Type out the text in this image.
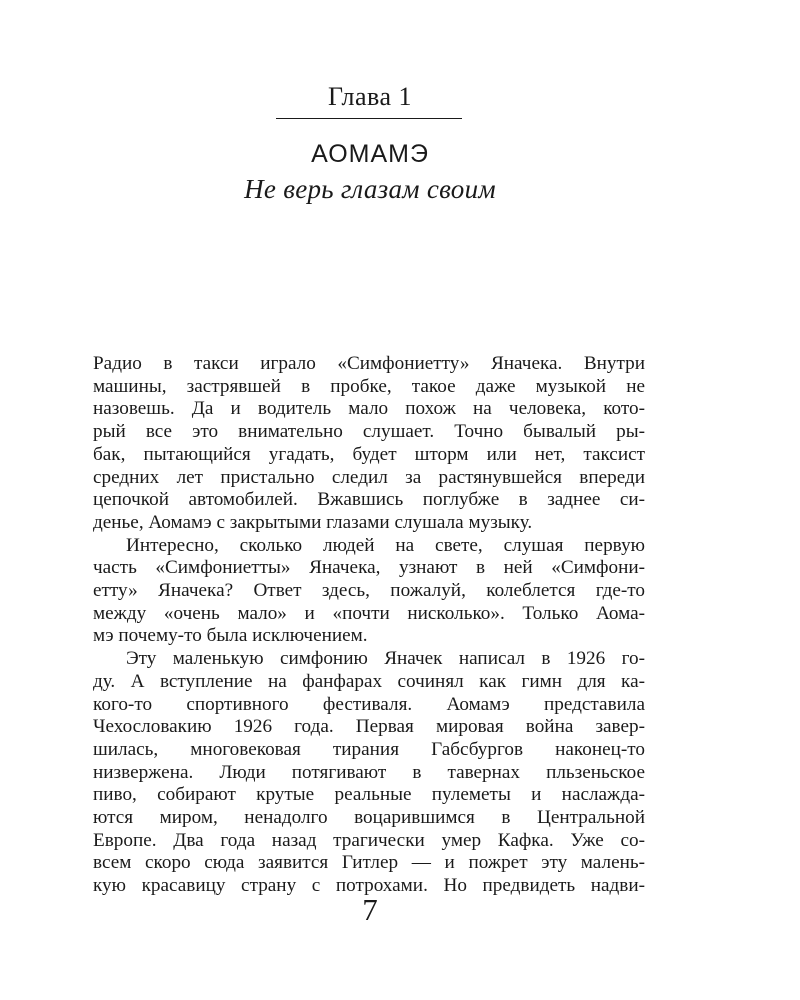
Глава 1
АОМАМЭ
Не верь глазам своим
Радио в такси играло «Симфониетту» Яначека. Внутри
машины, застрявшей в пробке, такое даже музыкой не
назовешь. Да и водитель мало похож на человека, кото-
рый все это внимательно слушает. Точно бывалый ры-
бак, пытающийся угадать, будет шторм или нет, таксист
средних лет пристально следил за растянувшейся впереди
цепочкой автомобилей. Вжавшись поглубже в заднее си-
денье, Аомамэ с закрытыми глазами слушала музыку.
Интересно, сколько людей на свете, слушая первую
часть «Симфониетты» Яначека, узнают в ней «Симфони-
етту» Яначека? Ответ здесь, пожалуй, колеблется где-то
между «очень мало» и «почти нисколько». Только Аома-
мэ почему-то была исключением.
Эту маленькую симфонию Яначек написал в 1926 го-
ду. А вступление на фанфарах сочинял как гимн для ка-
кого-то спортивного фестиваля. Аомамэ представила
Чехословакию 1926 года. Первая мировая война завер-
шилась, многовековая тирания Габсбургов наконец-то
низвержена. Люди потягивают в тавернах пльзеньское
пиво, собирают крутые реальные пулеметы и наслажда-
ются миром, ненадолго воцарившимся в Центральной
Европе. Два года назад трагически умер Кафка. Уже со-
всем скоро сюда заявится Гитлер — и пожрет эту малень-
кую красавицу страну с потрохами. Но предвидеть надви-
7
